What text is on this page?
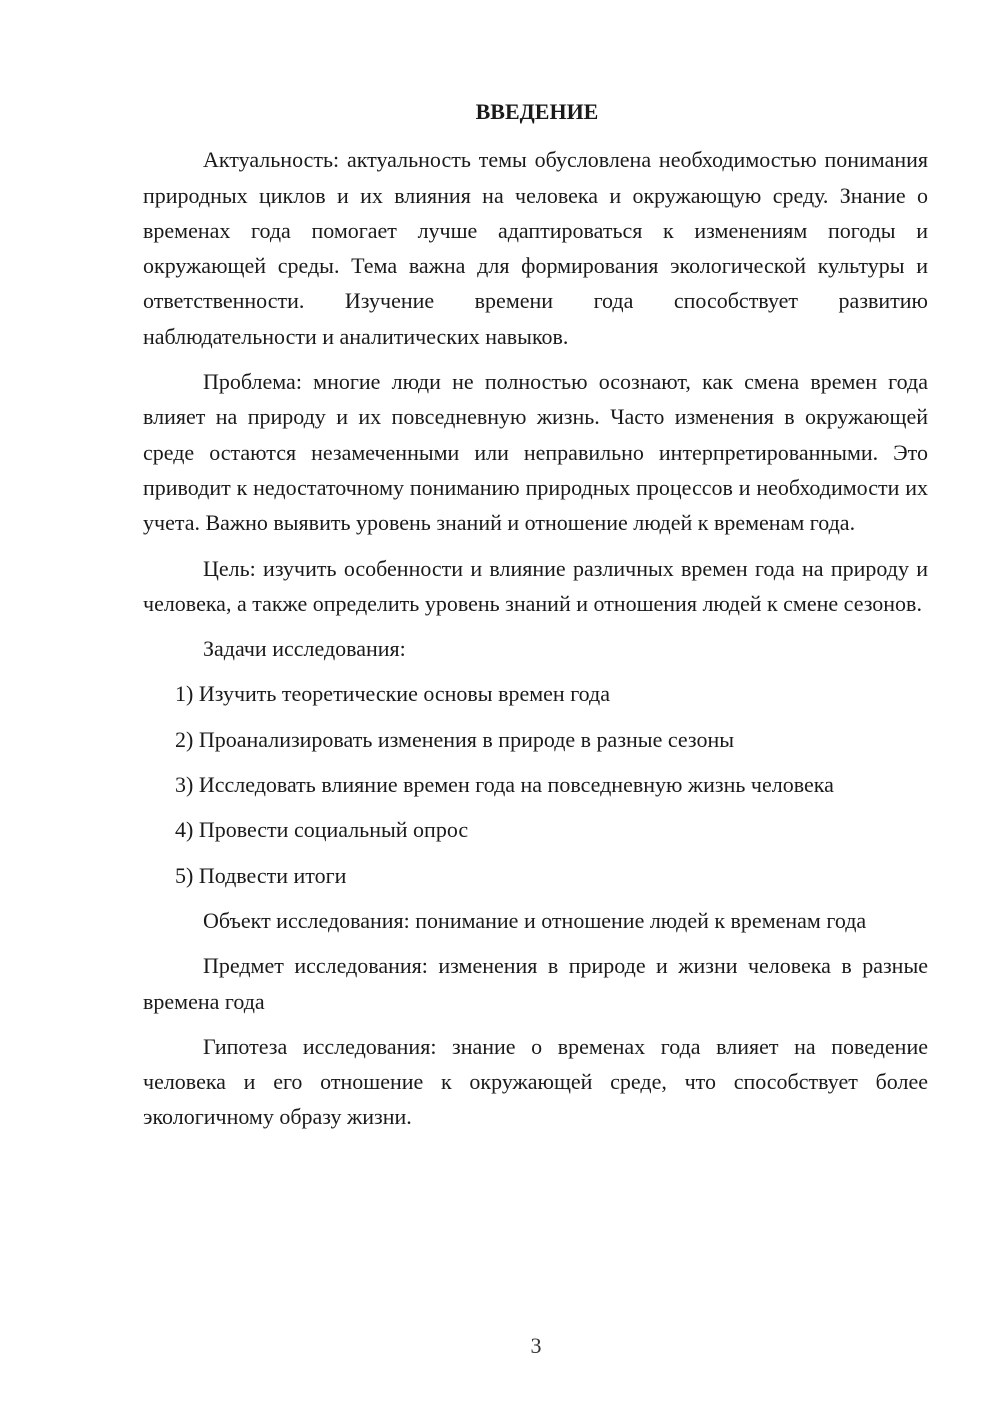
ВВЕДЕНИЕ

Актуальность: актуальность темы обусловлена необходимостью понимания природных циклов и их влияния на человека и окружающую среду. Знание о временах года помогает лучше адаптироваться к изменениям погоды и окружающей среды. Тема важна для формирования экологической культуры и ответственности. Изучение времени года способствует развитию наблюдательности и аналитических навыков.

Проблема: многие люди не полностью осознают, как смена времен года влияет на природу и их повседневную жизнь. Часто изменения в окружающей среде остаются незамеченными или неправильно интерпретированными. Это приводит к недостаточному пониманию природных процессов и необходимости их учета. Важно выявить уровень знаний и отношение людей к временам года.

Цель: изучить особенности и влияние различных времен года на природу и человека, а также определить уровень знаний и отношения людей к смене сезонов.

Задачи исследования:

1) Изучить теоретические основы времен года
2) Проанализировать изменения в природе в разные сезоны
3) Исследовать влияние времен года на повседневную жизнь человека
4) Провести социальный опрос
5) Подвести итоги

Объект исследования: понимание и отношение людей к временам года

Предмет исследования: изменения в природе и жизни человека в разные времена года

Гипотеза исследования: знание о временах года влияет на поведение человека и его отношение к окружающей среде, что способствует более экологичному образу жизни.

3
